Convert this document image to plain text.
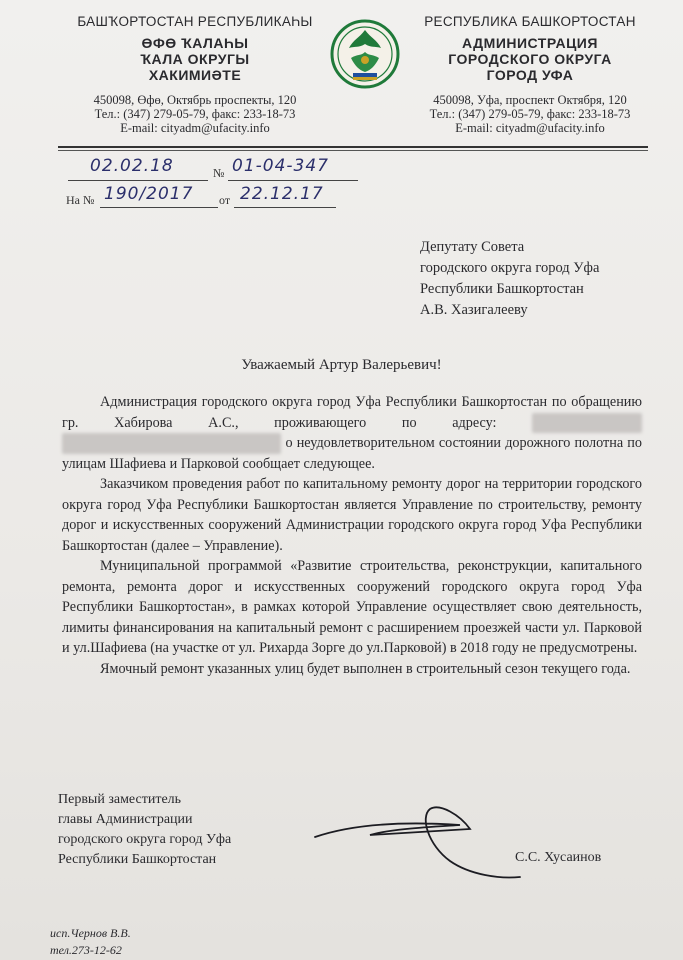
БАШҠОРТОСТАН РЕСПУБЛИКАҺЫ
ӨФӨ ҠАЛАҺЫ
ҠАЛА ОКРУГЫ
ХАКИМИӘТЕ
450098, Өфө, Октябрь проспекты, 120
Тел.: (347) 279-05-79, факс: 233-18-73
E-mail: cityadm@ufacity.info
РЕСПУБЛИКА БАШКОРТОСТАН
АДМИНИСТРАЦИЯ
ГОРОДСКОГО ОКРУГА
ГОРОД УФА
450098, Уфа, проспект Октября, 120
Тел.: (347) 279-05-79, факс: 233-18-73
E-mail: cityadm@ufacity.info
02.02.18	№ 01-04-347
На № 190/2017 от 22.12.17
Депутату Совета
городского округа город Уфа
Республики Башкортостан
А.В. Хазигалееву
Уважаемый Артур Валерьевич!

Администрация городского округа город Уфа Республики Башкортостан по обращению гр. Хабирова А.С., проживающего по адресу:   о неудовлетворительном состоянии дорожного полотна по улицам Шафиева и Парковой сообщает следующее.

Заказчиком проведения работ по капитальному ремонту дорог на территории городского округа город Уфа Республики Башкортостан является Управление по строительству, ремонту дорог и искусственных сооружений Администрации городского округа город Уфа Республики Башкортостан (далее – Управление).

Муниципальной программой «Развитие строительства, реконструкции, капитального ремонта, ремонта дорог и искусственных сооружений городского округа город Уфа Республики Башкортостан», в рамках которой Управление осуществляет свою деятельность, лимиты финансирования на капитальный ремонт с расширением проезжей части ул. Парковой и ул.Шафиева (на участке от ул. Рихарда Зорге до ул.Парковой) в 2018 году не предусмотрены.

Ямочный ремонт указанных улиц будет выполнен в строительный сезон текущего года.

Первый заместитель
главы Администрации
городского округа город Уфа
Республики Башкортостан	С.С. Хусаинов
исп.Чернов В.В.
тел.273-12-62
